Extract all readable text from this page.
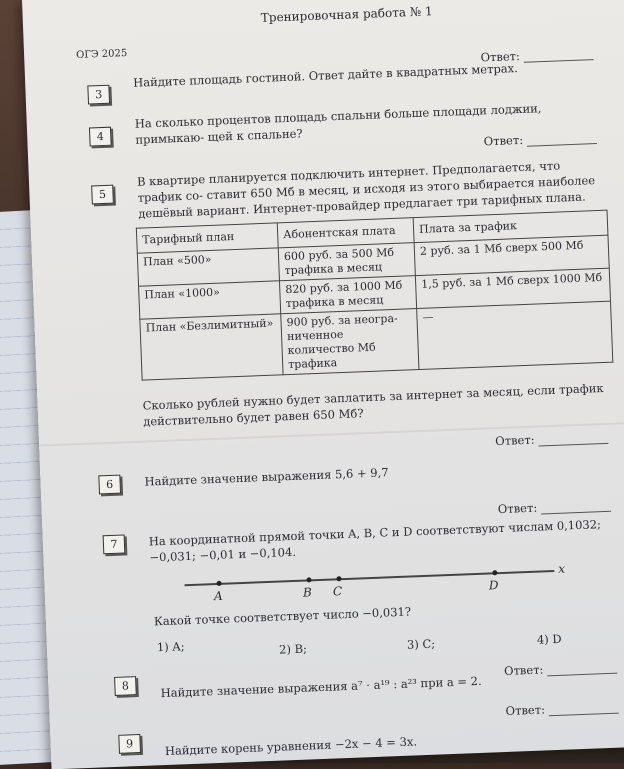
ОГЭ 2025
Тренировочная работа № 1
3
Найдите площадь гостиной. Ответ дайте в квадратных метрах.
Ответ:
4
На сколько процентов площадь спальни больше площади лоджии, примыкаю- щей к спальне?	Ответ:
5
В квартире планируется подключить интернет. Предполагается, что трафик со- ставит 650 Мб в месяц, и исходя из этого выбирается наиболее дешёвый вариант. Интернет-провайдер предлагает три тарифных плана.
Тарифный план	Абонентская плата	Плата за трафик
План «500»	600 руб. за 500 Мб трафика в месяц	2 руб. за 1 Мб сверх 500 Мб
План «1000»	820 руб. за 1000 Мб трафика в месяц	1,5 руб. за 1 Мб сверх 1000 Мб
План «Безлимитный»	900 руб. за неогра- ниченное количество Мб трафика	—
Сколько рублей нужно будет заплатить за интернет за месяц, если трафик действительно будет равен 650 Мб?
Ответ:
6	Найдите значение выражения 5,6 + 9,7
Ответ:
7	На координатной прямой точки A, B, C и D соответствуют числам 0,1032; −0,031; −0,01 и −0,104.
A	B C	D
x
Какой точке соответствует число −0,031?
1) A;	2) B;	3) C;	4) D
Ответ:
8	Найдите значение выражения a⁷ · a¹⁹ : a²³ при a = 2.
Ответ:
9	Найдите корень уравнения −2x − 4 = 3x.
